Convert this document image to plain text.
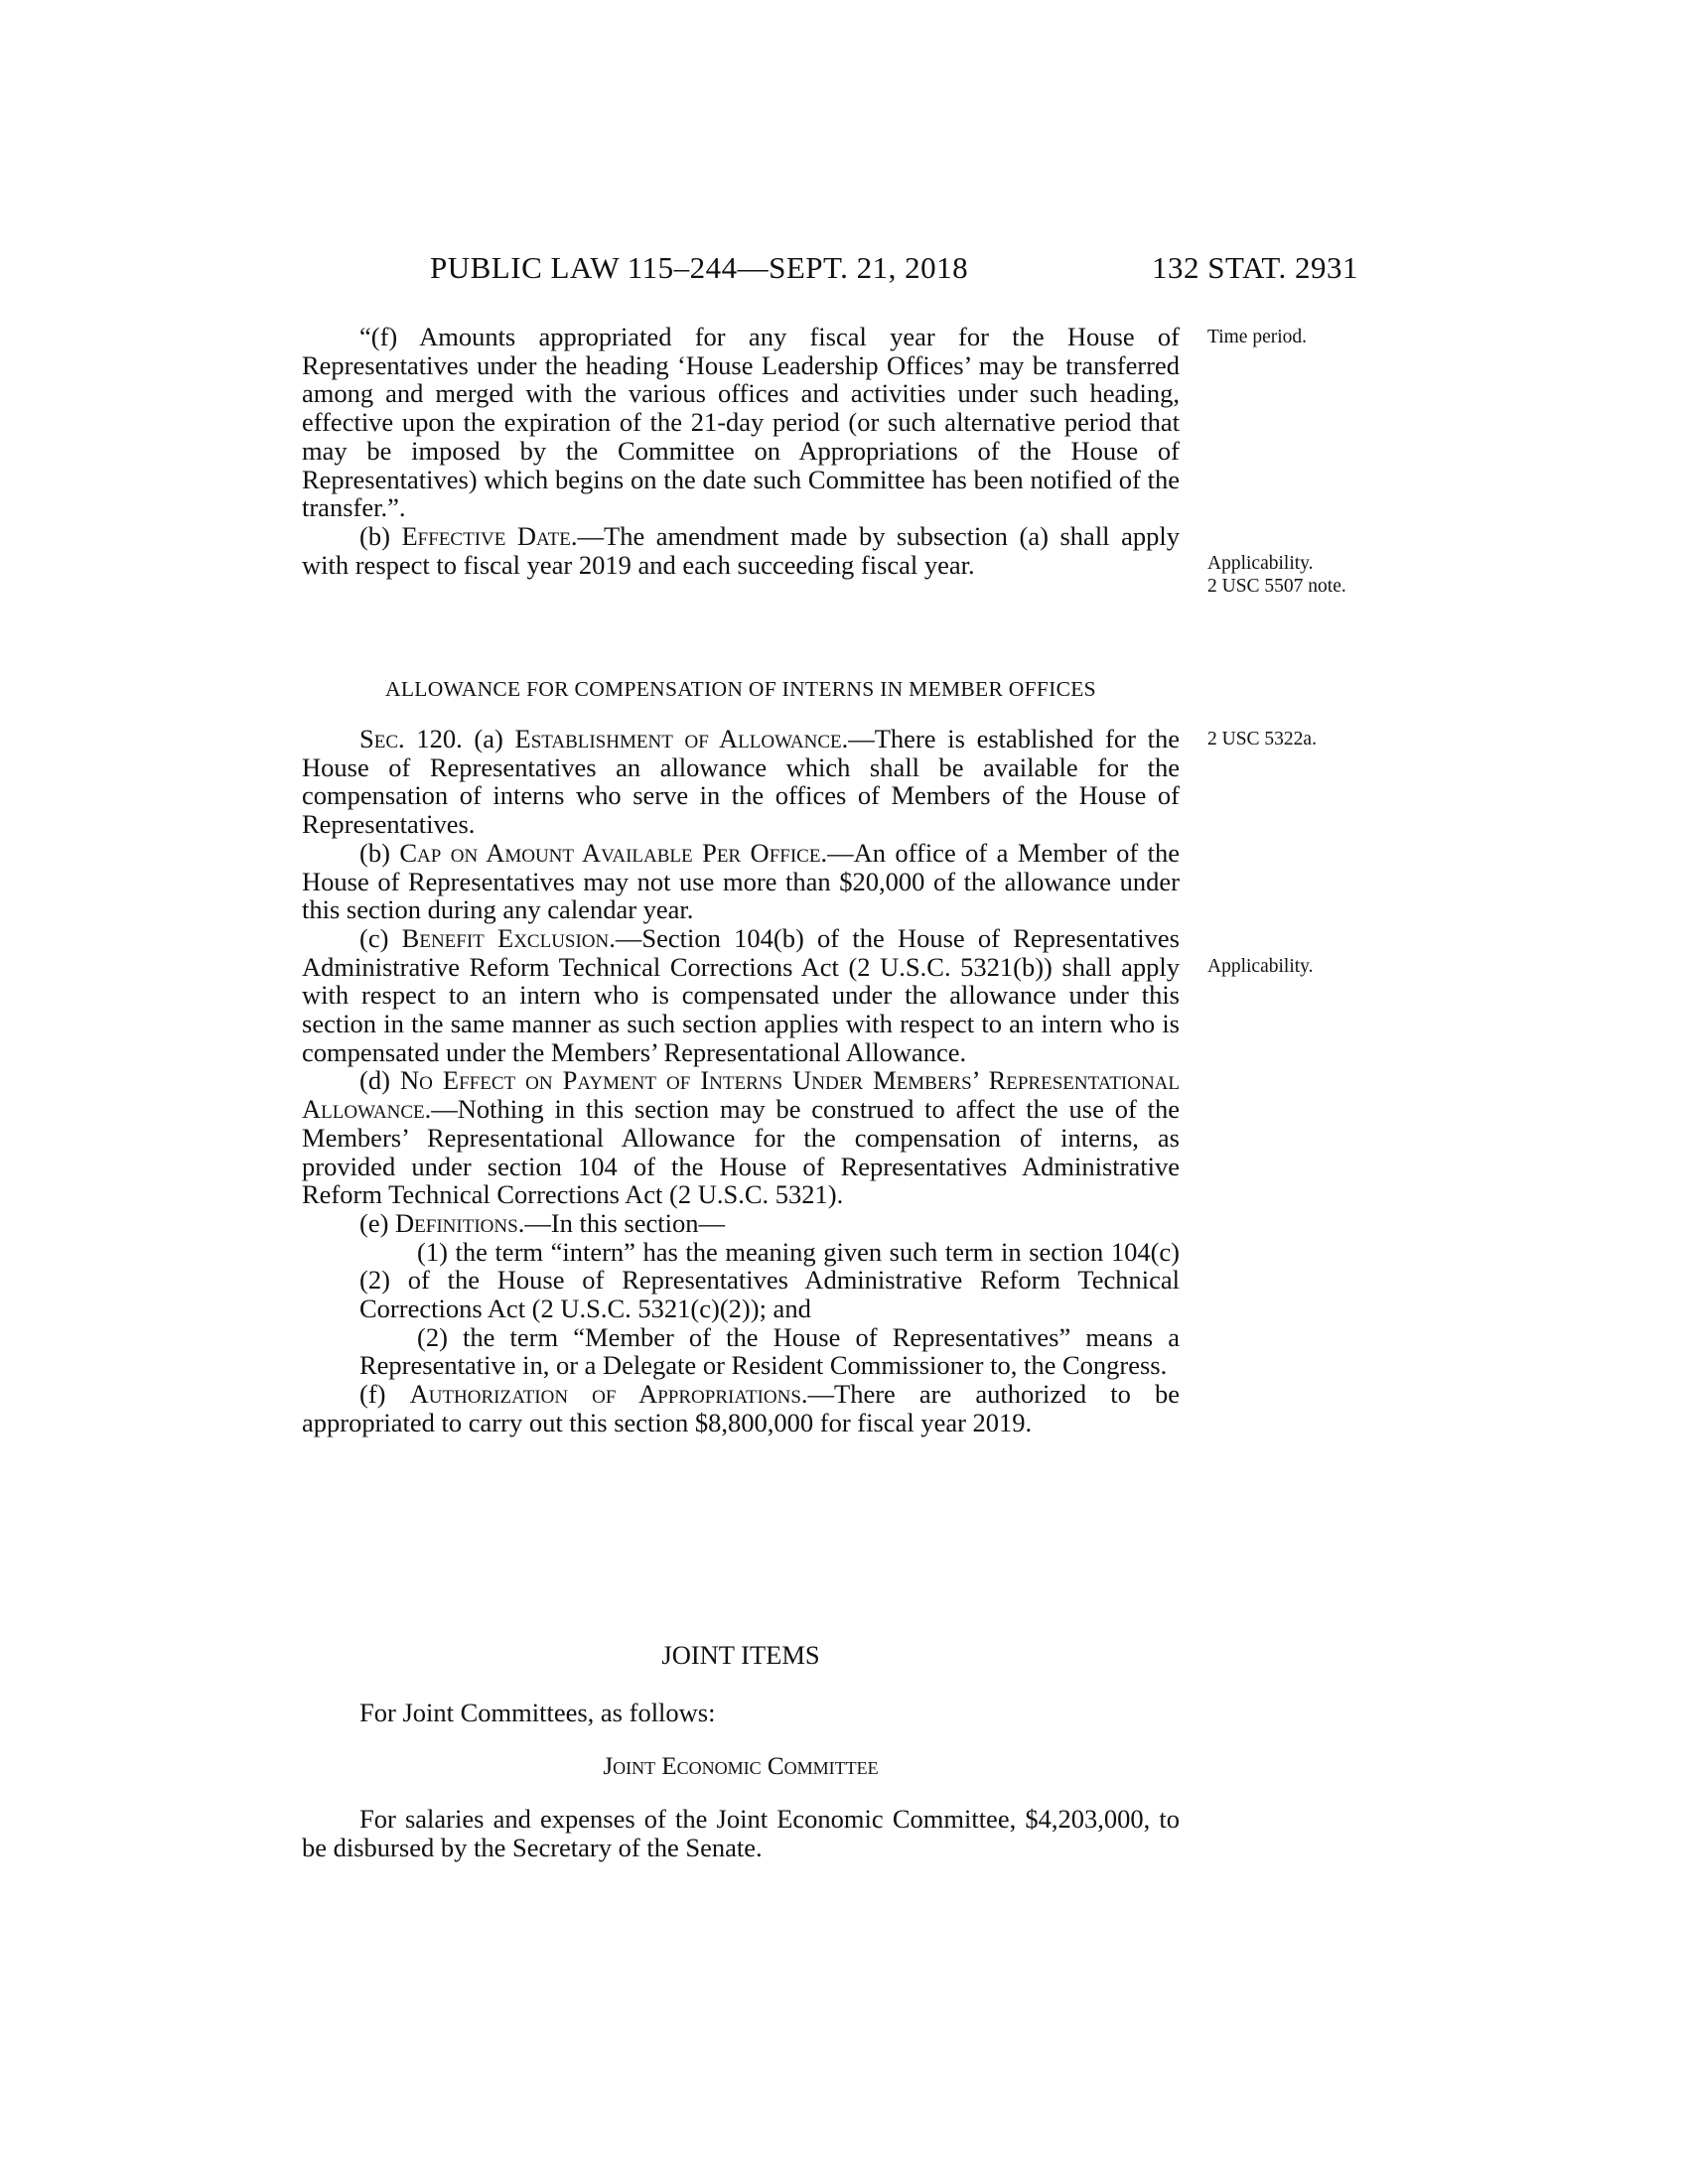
PUBLIC LAW 115–244—SEPT. 21, 2018	132 STAT. 2931

“(f) Amounts appropriated for any fiscal year for the House of Representatives under the heading ‘House Leadership Offices’ may be transferred among and merged with the various offices and activities under such heading, effective upon the expiration of the 21-day period (or such alternative period that may be imposed by the Committee on Appropriations of the House of Representatives) which begins on the date such Committee has been notified of the transfer.”.

(b) Effective Date.—The amendment made by subsection (a) shall apply with respect to fiscal year 2019 and each succeeding fiscal year.

ALLOWANCE FOR COMPENSATION OF INTERNS IN MEMBER OFFICES

Sec. 120. (a) Establishment of Allowance.—There is established for the House of Representatives an allowance which shall be available for the compensation of interns who serve in the offices of Members of the House of Representatives.

(b) Cap on Amount Available Per Office.—An office of a Member of the House of Representatives may not use more than $20,000 of the allowance under this section during any calendar year.

(c) Benefit Exclusion.—Section 104(b) of the House of Representatives Administrative Reform Technical Corrections Act (2 U.S.C. 5321(b)) shall apply with respect to an intern who is compensated under the allowance under this section in the same manner as such section applies with respect to an intern who is compensated under the Members’ Representational Allowance.

(d) No Effect on Payment of Interns Under Members’ Representational Allowance.—Nothing in this section may be construed to affect the use of the Members’ Representational Allowance for the compensation of interns, as provided under section 104 of the House of Representatives Administrative Reform Technical Corrections Act (2 U.S.C. 5321).

(e) Definitions.—In this section—

(1) the term “intern” has the meaning given such term in section 104(c)(2) of the House of Representatives Administrative Reform Technical Corrections Act (2 U.S.C. 5321(c)(2)); and

(2) the term “Member of the House of Representatives” means a Representative in, or a Delegate or Resident Commissioner to, the Congress.

(f) Authorization of Appropriations.—There are authorized to be appropriated to carry out this section $8,800,000 for fiscal year 2019.

JOINT ITEMS

For Joint Committees, as follows:

Joint Economic Committee

For salaries and expenses of the Joint Economic Committee, $4,203,000, to be disbursed by the Secretary of the Senate.

Time period.
Applicability.
2 USC 5507 note.
2 USC 5322a.
Applicability.
